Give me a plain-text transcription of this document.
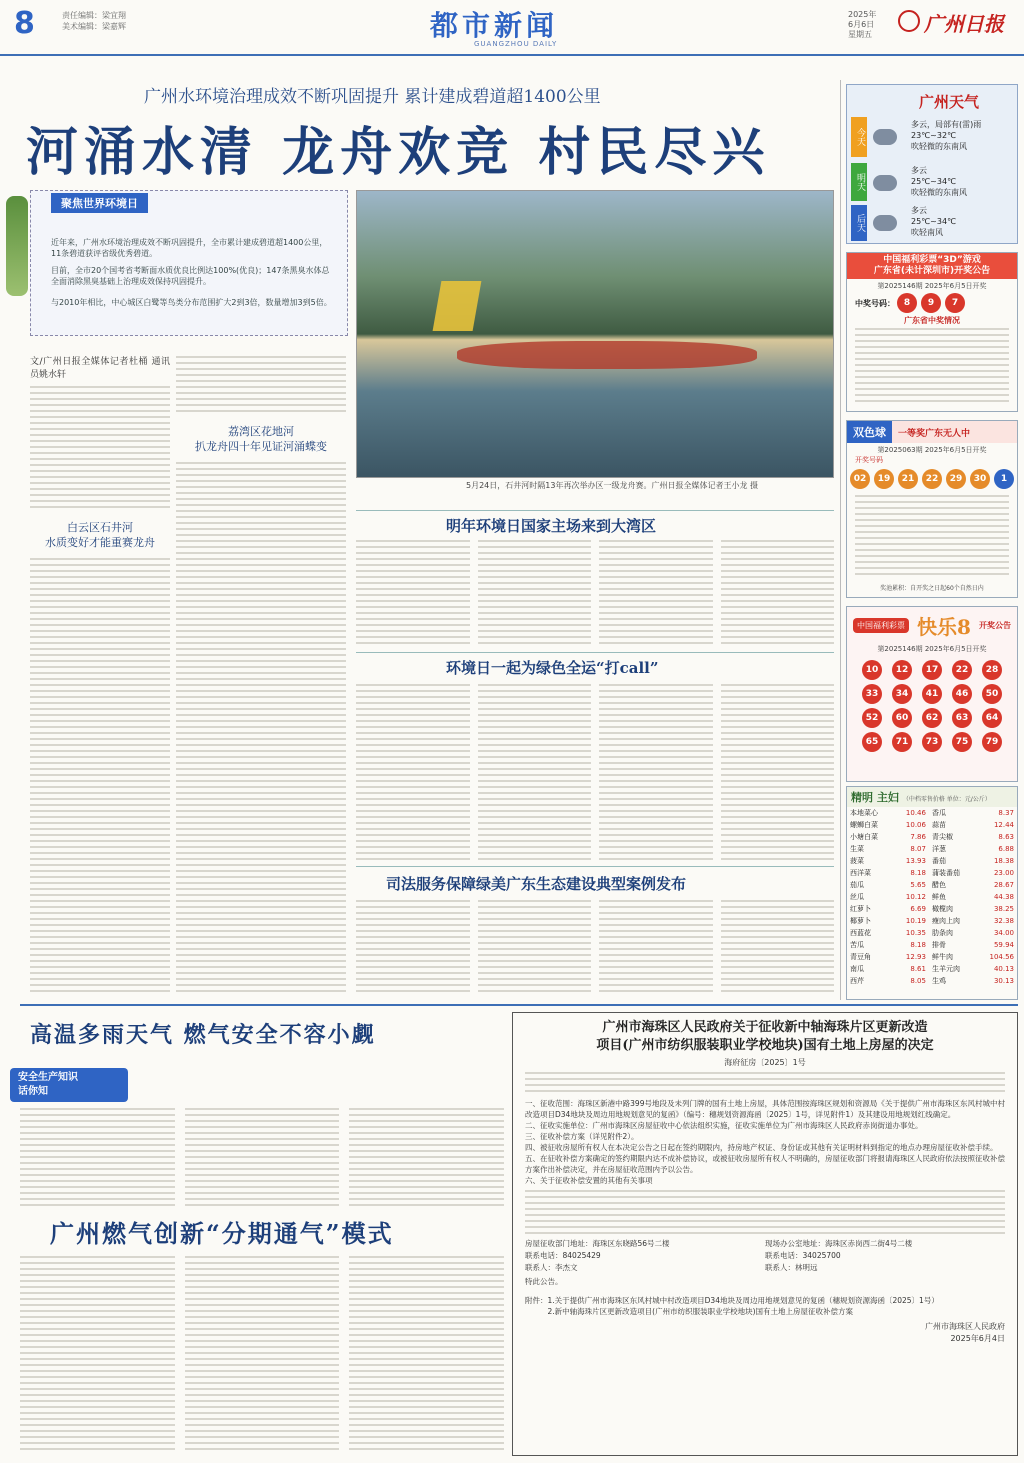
8	责任编辑：梁宜翔
美术编辑：梁嘉辉	都市新闻
GUANGZHOU DAILY
2025年
6月6日
星期五	广州日报
广州水环境治理成效不断巩固提升 累计建成碧道超1400公里
河涌水清 龙舟欢竞 村民尽兴
聚焦世界环境日
近年来，广州水环境治理成效不断巩固提升，全市累计建成碧道超1400公里，11条碧道获评省级优秀碧道。
目前，全市20个国考省考断面水质优良比例达100%(优良)；147条黑臭水体总全面消除黑臭基础上治理成效保持巩固提升。
与2010年相比，中心城区白鹭等鸟类分布范围扩大2到3倍，数量增加3到5倍。
5月24日，石井河时隔13年再次举办区一级龙舟赛。广州日报全媒体记者王小龙 摄
文/广州日报全媒体记者杜桶 通讯员姚水轩
白云区石井河
水质变好才能重赛龙舟
荔湾区花地河
扒龙舟四十年见证河涌蝶变
明年环境日国家主场来到大湾区
环境日一起为绿色全运“打call”
司法服务保障绿美广东生态建设典型案例发布
广州天气
今天
多云，局部有(雷)雨
23℃~32℃
吹轻微的东南风
明天
多云
25℃~34℃
吹轻微的东南风
后天
多云
25℃~34℃
吹轻南风
中国福利彩票“3D”游戏
广东省(未计深圳市)开奖公告
第2025146期 2025年6月5日开奖
中奖号码： 8	9	7
广东省中奖情况
双色球	一等奖广东无人中
第2025063期 2025年6月5日开奖
开奖号码
02	19	21	22	29	30	1
奖池累积：自开奖之日起60个自然日内
中国福利彩票 快乐8 开奖公告
第2025146期 2025年6月5日开奖
10	12	17	22	28
33	34	41	46	50
52	60	62	63	64
65	71	73	75	79
精明 主妇 （中档零售价格 单位：元/公斤）
本地菜心	10.46	香瓜	8.37
螺蛳白菜	10.06	蒜苗	12.44
小塘白菜	7.86	青尖椒	8.63
生菜	8.07	洋葱	6.88
菠菜	13.93	番茄	18.38
西洋菜	8.18	蒲装番茄	23.00
茄瓜	5.65	醋色	28.67
丝瓜	10.12	鲜鱼	44.38
红萝卜	6.69	橄榄肉	38.25
椰萝卜	10.19	瘦肉上肉	32.38
西蓝花	10.35	肋条肉	34.00
苦瓜	8.18	排骨	59.94
青豆角	12.93	鲜牛肉	104.56
南瓜	8.61	生羊元肉	40.13
西芹	8.05	生鸡	30.13
高温多雨天气 燃气安全不容小觑
安全生产知识
话你知
广州燃气创新“分期通气”模式
广州市海珠区人民政府关于征收新中轴海珠片区更新改造
项目(广州市纺织服装职业学校地块)国有土地上房屋的决定
海府征房〔2025〕1号

一、征收范围：海珠区新港中路399号地段及未列门牌的国有土地上房屋，具体范围按海珠区规划和资源局《关于提供广州市海珠区东风村城中村改造项目D34地块及周边用地规划意见的复函》（编号：穗规划资源海函〔2025〕1号，详见附件1）及其建设用地规划红线确定。

二、征收实施单位：广州市海珠区房屋征收中心依法组织实施，征收实施单位为广州市海珠区人民政府赤岗街道办事处。

三、征收补偿方案（详见附件2）。

四、被征收房屋所有权人在本决定公告之日起在签约期限内，持房地产权证、身份证或其他有关证明材料到指定的地点办理房屋征收补偿手续。

五、在征收补偿方案确定的签约期限内达不成补偿协议，或被征收房屋所有权人不明确的，房屋征收部门将报请海珠区人民政府依法按照征收补偿方案作出补偿决定，并在房屋征收范围内予以公告。

六、关于征收补偿安置的其他有关事项

房屋征收部门地址：海珠区东晓路56号二楼
联系电话：84025429
联系人：李杰文
现场办公室地址：海珠区赤岗西二街4号二楼
联系电话：34025700
联系人：林明远
特此公告。
附件： 1.关于提供广州市海珠区东风村城中村改造项目D34地块及周边用地规划意见的复函（穗规划资源海函〔2025〕1号）
2.新中轴海珠片区更新改造项目(广州市纺织服装职业学校地块)国有土地上房屋征收补偿方案
广州市海珠区人民政府
2025年6月4日
